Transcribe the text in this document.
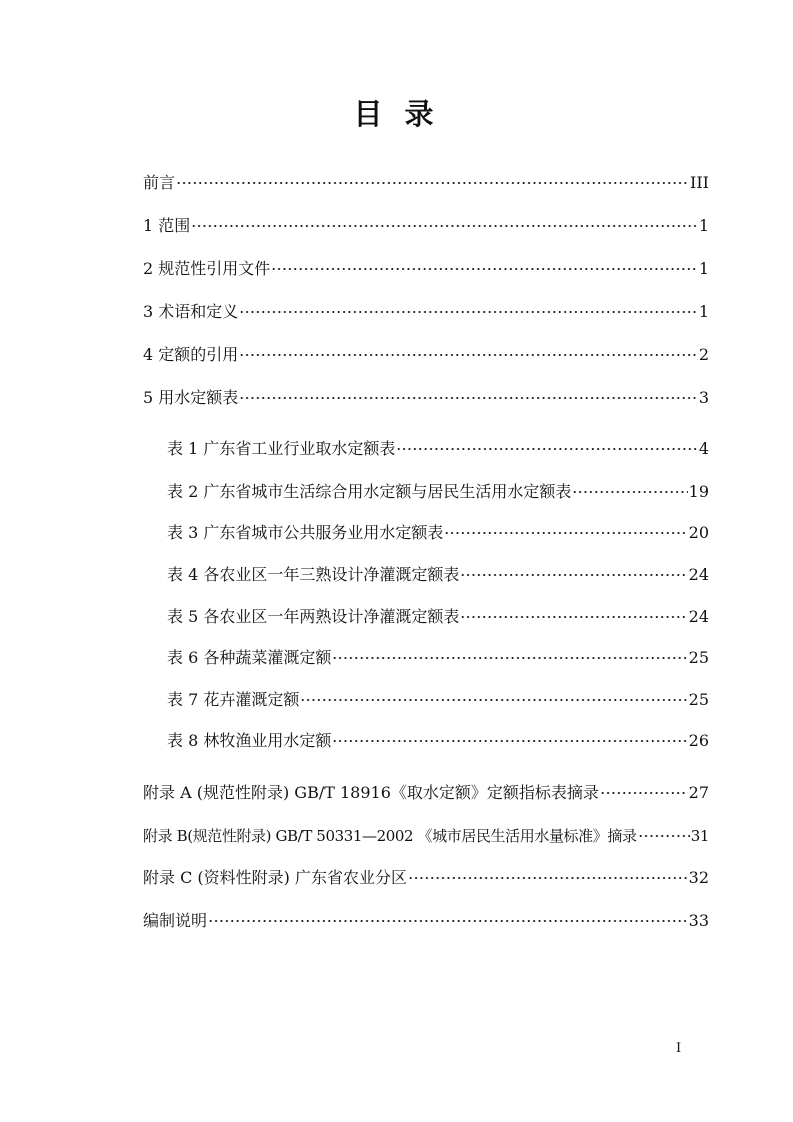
目 录
前言	III
1 范围	1
2 规范性引用文件	1
3 术语和定义	1
4 定额的引用	2
5 用水定额表	3
表 1 广东省工业行业取水定额表	4
表 2 广东省城市生活综合用水定额与居民生活用水定额表	19
表 3 广东省城市公共服务业用水定额表	20
表 4 各农业区一年三熟设计净灌溉定额表	24
表 5 各农业区一年两熟设计净灌溉定额表	24
表 6 各种蔬菜灌溉定额	25
表 7 花卉灌溉定额	25
表 8 林牧渔业用水定额	26
附录 A (规范性附录) GB/T 18916《取水定额》定额指标表摘录	27
附录 B(规范性附录) GB/T 50331—2002 《城市居民生活用水量标准》摘录	31
附录 C (资料性附录) 广东省农业分区	32
编制说明	33
I
